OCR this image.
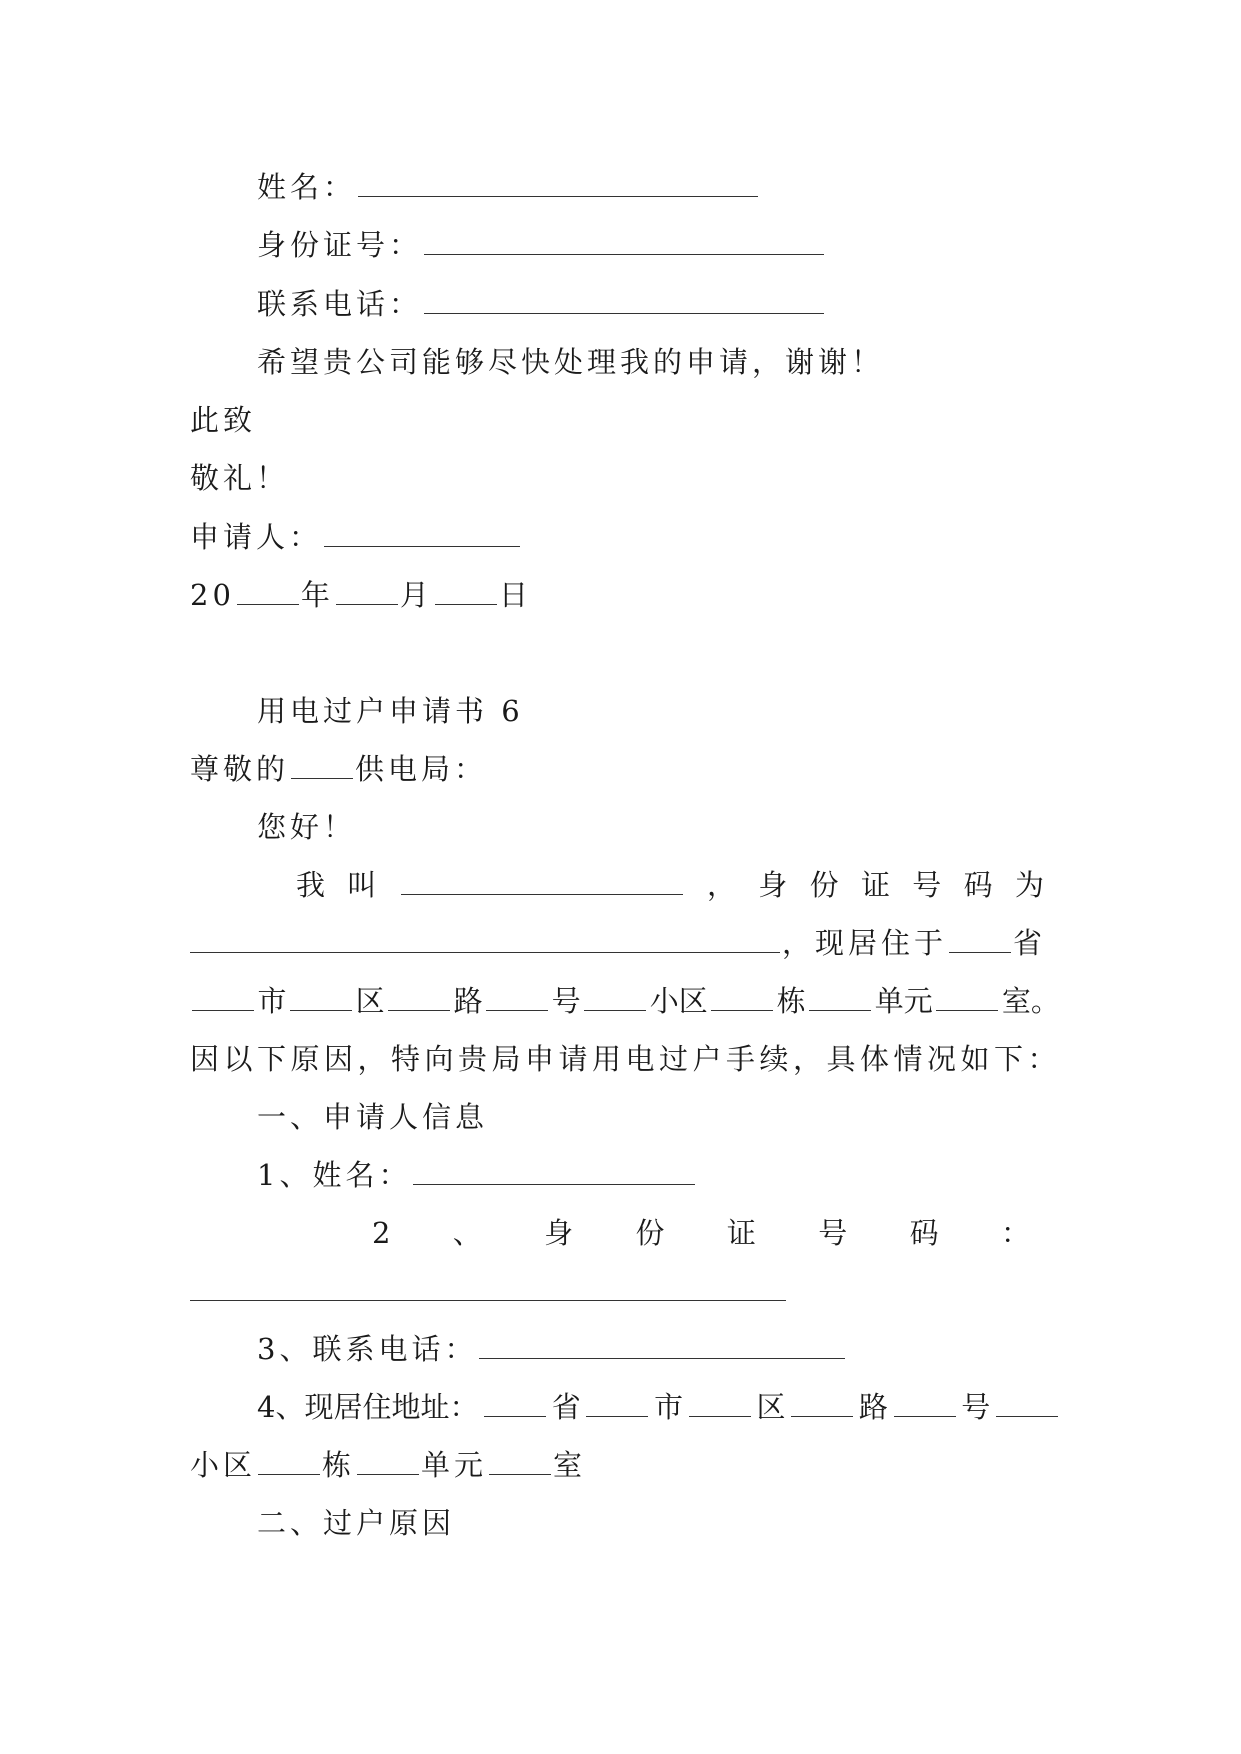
姓名：
身份证号：
联系电话：
希望贵公司能够尽快处理我的申请，谢谢！
此致
敬礼！
申请人：
20 年 月 日
用电过户申请书 6
尊敬的 供电局：
您好！
我 叫	， 身 份 证 号 码 为
，现居住于 省
市 区 路 号 小区 栋 单元 室。
因以下原因，特向贵局申请用电过户手续，具体情况如下：
一、申请人信息
1、姓名：
2 、 身 份 证 号 码 ：
3、联系电话：
4、现居住地址：	省	市	区	路	号
小区 栋 单元 室
二、过户原因
